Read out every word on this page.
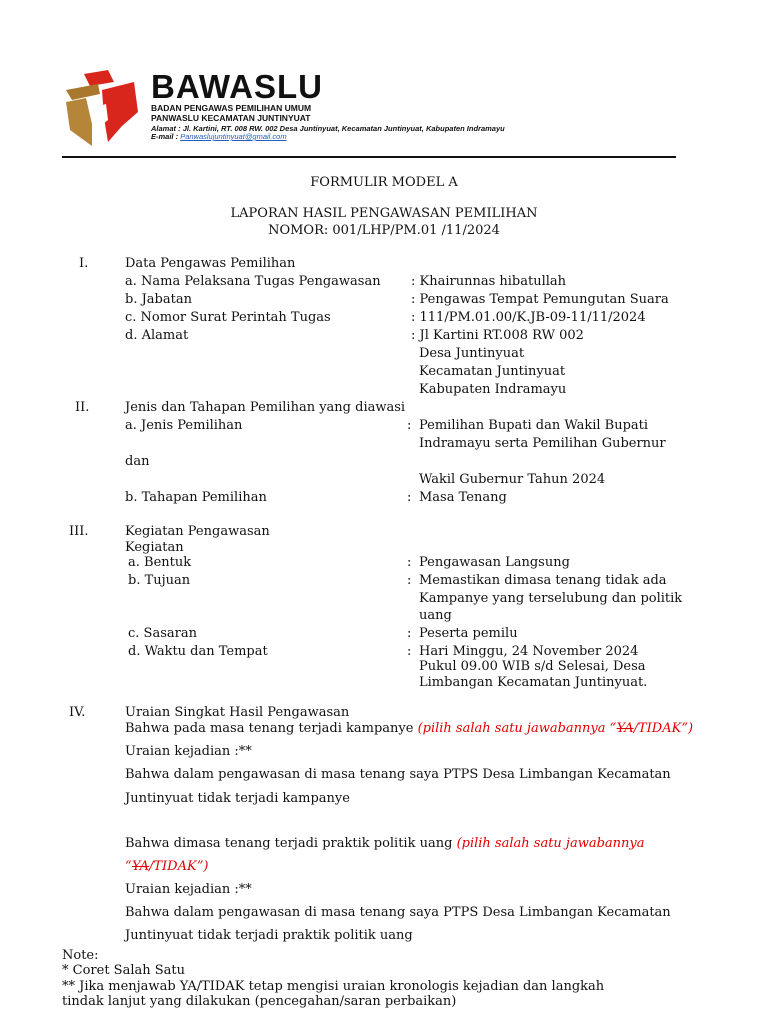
BAWASLU
BADAN PENGAWAS PEMILIHAN UMUM
PANWASLU KECAMATAN JUNTINYUAT
Alamat : Jl. Kartini, RT. 008 RW. 002 Desa Juntinyuat, Kecamatan Juntinyuat, Kabupaten Indramayu
E-mail : Panwaslujuntinyuat@gmail.com
FORMULIR MODEL A
LAPORAN HASIL PENGAWASAN PEMILIHAN
NOMOR: 001/LHP/PM.01 /11/2024
I.	Data Pengawas Pemilihan
a. Nama Pelaksana Tugas Pengawasan : Khairunnas hibatullah
b. Jabatan	: Pengawas Tempat Pemungutan Suara
c. Nomor Surat Perintah Tugas	: 111/PM.01.00/K.JB-09-11/11/2024
d. Alamat	: Jl Kartini RT.008 RW 002
Desa Juntinyuat
Kecamatan Juntinyuat
Kabupaten Indramayu
II.	Jenis dan Tahapan Pemilihan yang diawasi
a. Jenis Pemilihan	: Pemilihan Bupati dan Wakil Bupati
Indramayu serta Pemilihan Gubernur
dan
Wakil Gubernur Tahun 2024
b. Tahapan Pemilihan	: Masa Tenang
III.	Kegiatan Pengawasan
Kegiatan
a. Bentuk	: Pengawasan Langsung
b. Tujuan	: Memastikan dimasa tenang tidak ada
Kampanye yang terselubung dan politik
uang
c. Sasaran	: Peserta pemilu
d. Waktu dan Tempat	: Hari Minggu, 24 November 2024
Pukul 09.00 WIB s/d Selesai, Desa
Limbangan Kecamatan Juntinyuat.
IV.	Uraian Singkat Hasil Pengawasan
Bahwa pada masa tenang terjadi kampanye (pilih salah satu jawabannya “YA/TIDAK”)
Uraian kejadian :**
Bahwa dalam pengawasan di masa tenang saya PTPS Desa Limbangan Kecamatan
Juntinyuat tidak terjadi kampanye
Bahwa dimasa tenang terjadi praktik politik uang (pilih salah satu jawabannya
“YA/TIDAK”)
Uraian kejadian :**
Bahwa dalam pengawasan di masa tenang saya PTPS Desa Limbangan Kecamatan
Juntinyuat tidak terjadi praktik politik uang
Note:
* Coret Salah Satu
** Jika menjawab YA/TIDAK tetap mengisi uraian kronologis kejadian dan langkah
tindak lanjut yang dilakukan (pencegahan/saran perbaikan)
